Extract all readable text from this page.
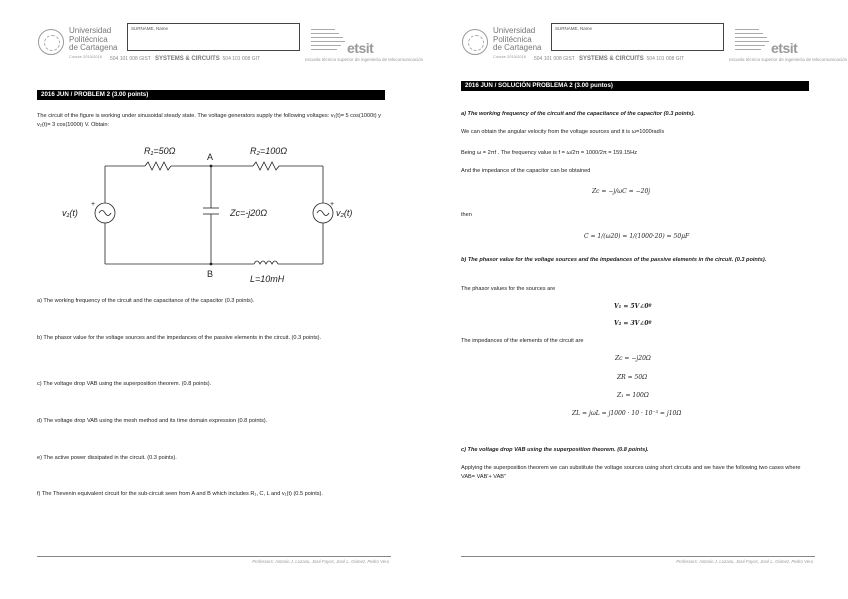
Universidad
Politécnica
de Cartagena
Course 2015/2016
SURNAME, Name
504 101 008 GIST SYSTEMS & CIRCUITS 504 101 008 GIT
etsit
escuela técnica superior de ingeniería de telecomunicación
2016 JUN / PROBLEM 2 (3.00 points)
The circuit of the figure is working under sinusoidal steady state. The voltage generators supply the following voltages: v₁(t)= 5 cos(1000t) y v₂(t)= 3 cos(1000t) V. Obtain:
R₁=50Ω	R₂=100Ω
Zc=-j20Ω
L=10mH
v₁(t)	v₂(t)
A
B
+	+
a) The working frequency of the circuit and the capacitance of the capacitor (0.3 points).
b) The phasor value for the voltage sources and the impedances of the passive elements in the circuit. (0.3 points).
c) The voltage drop VAB using the superposition theorem. (0.8 points).
d) The voltage drop VAB using the mesh method and its time domain expression (0.8 points).
e) The active power dissipated in the circuit. (0.3 points).
f) The Thevenin equivalent circuit for the sub-circuit seen from A and B which includes R₁, C, L and v₁(t) (0.5 points).
Professors: Antonio J. Lozano, José Fayos, José L. Gómez, Pedro Vera
Universidad
Politécnica
de Cartagena
Course 2015/2016
SURNAME, Name
504 101 008 GIST SYSTEMS & CIRCUITS 504 101 008 GIT
etsit
escuela técnica superior de ingeniería de telecomunicación
2016 JUN / SOLUCIÓN PROBLEMA 2 (3.00 puntos)
a) The working frequency of the circuit and the capacitance of the capacitor (0.3 points).
We can obtain the angular velocity from the voltage sources and it is ω=1000rad/s
Being ω = 2πf . The frequency value is f = ω/2π = 1000/2π = 159.15Hz
And the impedance of the capacitor can be obtained
Zc = −j/ωC = −20j
then
C = 1/(ω20) = 1/(1000·20) = 50μF
b) The phasor value for the voltage sources and the impedances of the passive elements in the circuit. (0.3 points).
The phasor values for the sources are
V₁ = 5V∠0º
V₂ = 3V∠0º
The impedances of the elements of the circuit are
Zc = −j20Ω
ZR = 50Ω
Z₁ = 100Ω
ZL = jωL = j1000 · 10 · 10⁻³ = j10Ω
c) The voltage drop VAB using the superposition theorem. (0.8 points).
Applying the superposition theorem we can substitute the voltage sources using short circuits and we have the following two cases where VAB= VAB'+ VAB''
Professors: Antonio J. Lozano, José Fayos, José L. Gómez, Pedro Vera
